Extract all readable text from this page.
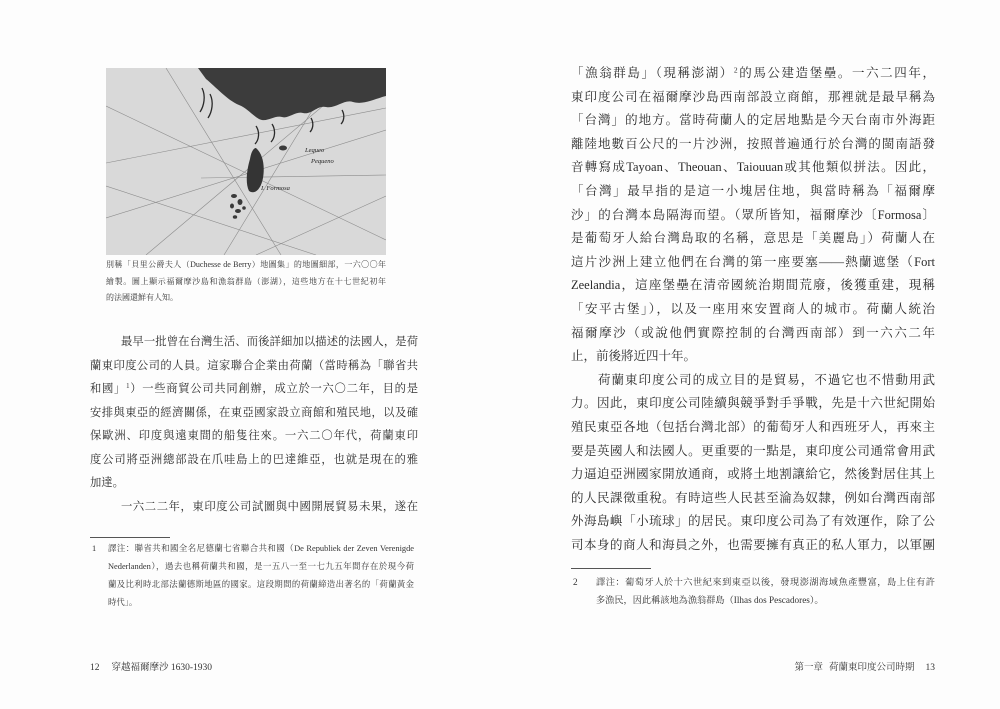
Lequeo
Pequeno
I. Formosa
別稱「貝里公爵夫人（Duchesse de Berry）地圖集」的地圖細部，一六〇〇年
繪製。圖上顯示福爾摩沙島和漁翁群島（澎湖），這些地方在十七世紀初年
的法國還鮮有人知。
最早一批曾在台灣生活、而後詳細加以描述的法國人，是荷
蘭東印度公司的人員。這家聯合企業由荷蘭（當時稱為「聯省共
和國」$^1$）一些商貿公司共同創辦，成立於一六〇二年，目的是
安排與東亞的經濟關係，在東亞國家設立商館和殖民地，以及確
保歐洲、印度與遠東間的船隻往來。一六二〇年代，荷蘭東印
度公司將亞洲總部設在爪哇島上的巴達維亞，也就是現在的雅
加達。
一六二二年，東印度公司試圖與中國開展貿易未果，遂在
1 譯注：聯省共和國全名尼德蘭七省聯合共和國（De Republiek der Zeven Verenigde
Nederlanden），過去也稱荷蘭共和國，是一五八一至一七九五年間存在於現今荷
蘭及比利時北部法蘭德斯地區的國家。這段期間的荷蘭締造出著名的「荷蘭黃金
時代」。
12 穿越福爾摩沙 1630-1930
「漁翁群島」（現稱澎湖）$^2$的馬公建造堡壘。一六二四年，
東印度公司在福爾摩沙島西南部設立商館，那裡就是最早稱為
「台灣」的地方。當時荷蘭人的定居地點是今天台南市外海距
離陸地數百公尺的一片沙洲，按照普遍通行於台灣的閩南語發
音轉寫成Tayoan、Theouan、Taiouuan或其他類似拼法。因此，
「台灣」最早指的是這一小塊居住地，與當時稱為「福爾摩
沙」的台灣本島隔海而望。（眾所皆知，福爾摩沙〔Formosa〕
是葡萄牙人給台灣島取的名稱，意思是「美麗島」）荷蘭人在
這片沙洲上建立他們在台灣的第一座要塞——熱蘭遮堡（Fort
Zeelandia，這座堡壘在清帝國統治期間荒廢，後獲重建，現稱
「安平古堡」），以及一座用來安置商人的城市。荷蘭人統治
福爾摩沙（或說他們實際控制的台灣西南部）到一六六二年
止，前後將近四十年。
荷蘭東印度公司的成立目的是貿易，不過它也不惜動用武
力。因此，東印度公司陸續與競爭對手爭戰，先是十六世紀開始
殖民東亞各地（包括台灣北部）的葡萄牙人和西班牙人，再來主
要是英國人和法國人。更重要的一點是，東印度公司通常會用武
力逼迫亞洲國家開放通商，或將土地割讓給它，然後對居住其上
的人民課徵重稅。有時這些人民甚至淪為奴隸，例如台灣西南部
外海島嶼「小琉球」的居民。東印度公司為了有效運作，除了公
司本身的商人和海員之外，也需要擁有真正的私人軍力，以軍團
2 譯注：葡萄牙人於十六世紀來到東亞以後，發現澎湖海域魚產豐富，島上住有許
多漁民，因此稱該地為漁翁群島（Ilhas dos Pescadores）。
第一章 荷蘭東印度公司時期 13
